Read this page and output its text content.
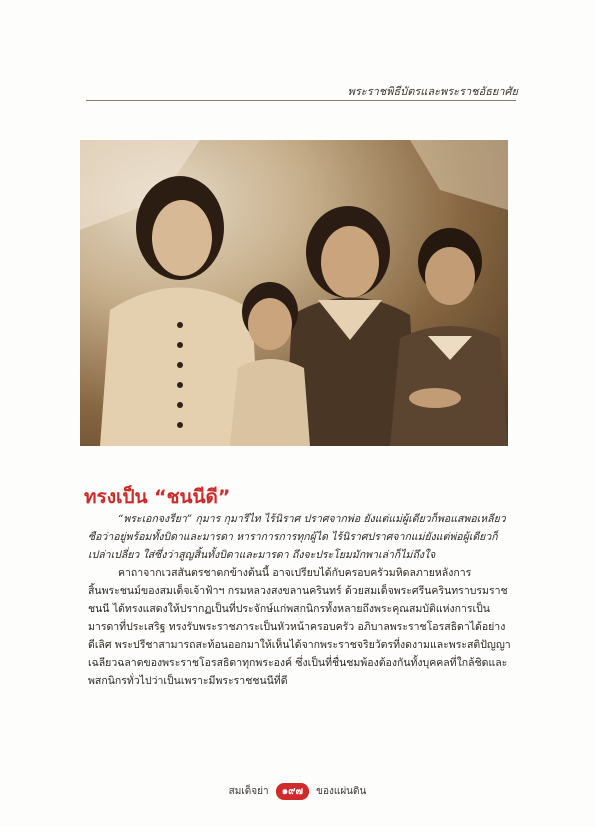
พระราชพิธีบัตรและพระราชอัธยาศัย
ทรงเป็น “ชนนีดี”

“พระเอกจงรียา” กุมาร กุมารีไท ไร้นิราศ ปราศจากพ่อ ยังแต่แม่ผู้เดียวก็พอแสพอเหลียว ซือว่าอยู่พร้อมทั้งบิดาและมารดา หาราการการทุกผู้ได ไร้นิราศปราศจากแม่ยังแต่พ่อผู้เดียวก็เปล่าเปลี่ยว ใส่ซึ่งว่าสูญสิ้นทั้งบิดาและมารดา ถึงจะประโยมมักพาเล่าก็ไม่ถึงใจ

คาถาจากเวสสันตรชาดกข้างต้นนี้ อาจเปรียบได้กับครอบครัวมหิดลภายหลังการสิ้นพระชนม์ของสมเด็จเจ้าฟ้าฯ กรมหลวงสงขลานครินทร์ ด้วยสมเด็จพระศรีนครินทราบรมราชชนนี ได้ทรงแสดงให้ปรากฏเป็นที่ประจักษ์แก่พสกนิกรทั้งหลายถึงพระคุณสมบัติแห่งการเป็นมารดาที่ประเสริฐ ทรงรับพระราชภาระเป็นหัวหน้าครอบครัว อภิบาลพระราชโอรสธิดาได้อย่างดีเลิศ พระปรีชาสามารถสะท้อนออกมาให้เห็นได้จากพระราชจริยวัตรที่งดงามและพระสติปัญญาเฉลียวฉลาดของพระราชโอรสธิดาทุกพระองค์ ซึ่งเป็นที่ชื่นชมพ้องต้องกันทั้งบุคคลที่ใกล้ชิดและพสกนิกรทั่วไปว่าเป็นเพราะมีพระราชชนนีที่ดี

สมเด็จย่า ๑๙๗ ของแผ่นดิน
